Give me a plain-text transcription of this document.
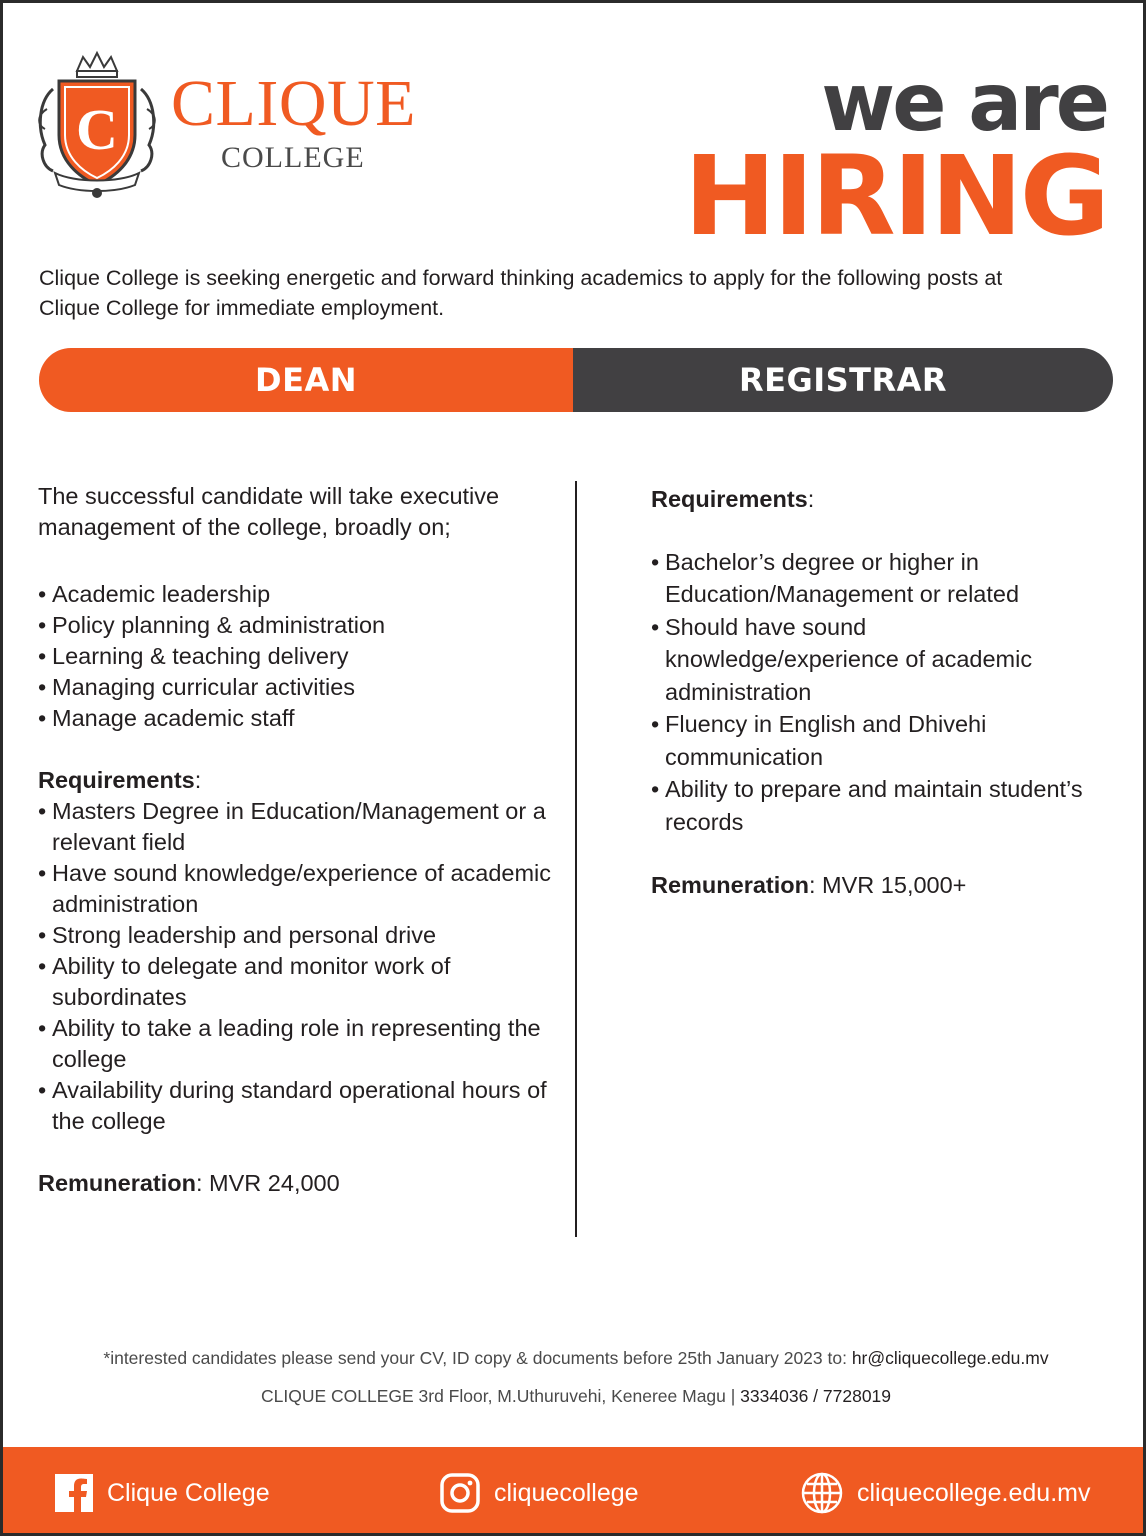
C CLIQUE
COLLEGE
we are
HIRING

Clique College is seeking energetic and forward thinking academics to apply for the following posts at Clique College for immediate employment.

DEAN	REGISTRAR

The successful candidate will take executive management of the college, broadly on;

• Academic leadership
• Policy planning & administration
• Learning & teaching delivery
• Managing curricular activities
• Manage academic staff

Requirements:

• Masters Degree in Education/Management or a relevant field
• Have sound knowledge/experience of academic administration
• Strong leadership and personal drive
• Ability to delegate and monitor work of subordinates
• Ability to take a leading role in representing the college
• Availability during standard operational hours of the college

Remuneration: MVR 24,000

Requirements:

• Bachelor’s degree or higher in Education/Management or related
• Should have sound knowledge/experience of academic administration
• Fluency in English and Dhivehi communication
• Ability to prepare and maintain student’s records

Remuneration: MVR 15,000+

*interested candidates please send your CV, ID copy & documents before 25th January 2023 to: hr@cliquecollege.edu.mv

CLIQUE COLLEGE 3rd Floor, M.Uthuruvehi, Keneree Magu | 3334036 / 7728019

Clique College	cliquecollege	cliquecollege.edu.mv
